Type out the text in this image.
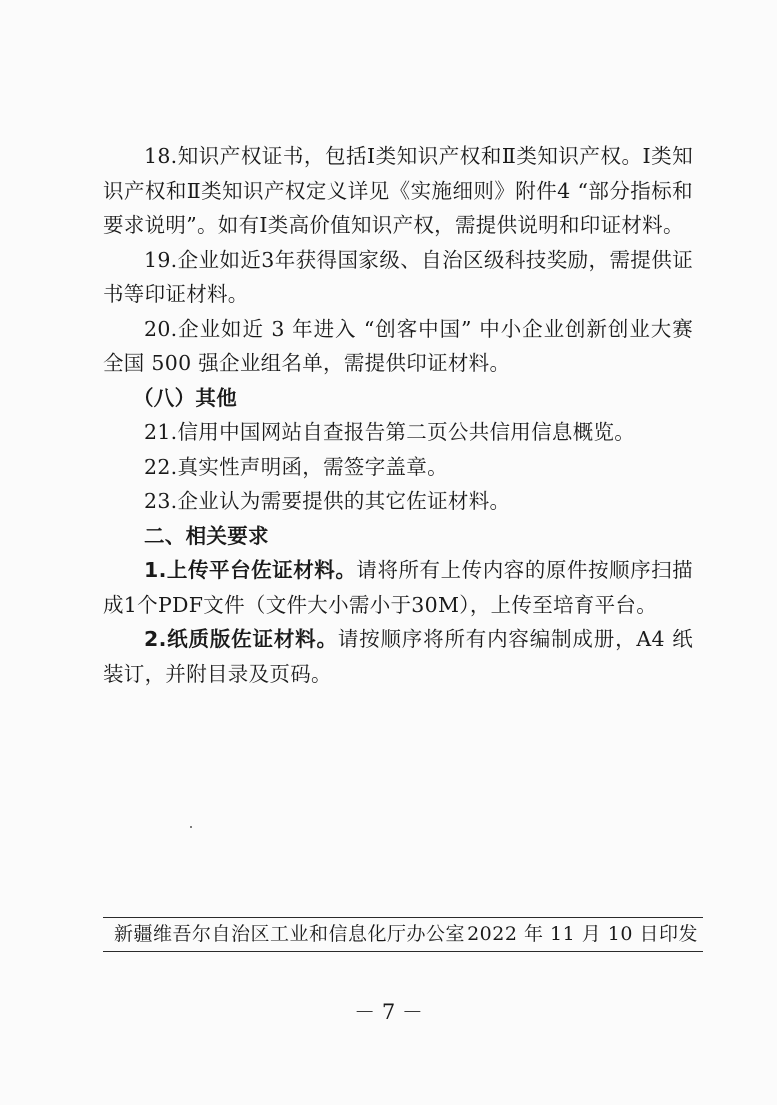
18.知识产权证书，包括Ⅰ类知识产权和Ⅱ类知识产权。Ⅰ类知识产权和Ⅱ类知识产权定义详见《实施细则》附件4 “部分指标和要求说明”。如有Ⅰ类高价值知识产权，需提供说明和印证材料。

19.企业如近3年获得国家级、自治区级科技奖励，需提供证书等印证材料。

20.企业如近 3 年进入 “创客中国” 中小企业创新创业大赛全国 500 强企业组名单，需提供印证材料。

（八）其他

21.信用中国网站自查报告第二页公共信用信息概览。

22.真实性声明函，需签字盖章。

23.企业认为需要提供的其它佐证材料。

二、相关要求

1.上传平台佐证材料。请将所有上传内容的原件按顺序扫描成1个PDF文件（文件大小需小于30M），上传至培育平台。

2.纸质版佐证材料。请按顺序将所有内容编制成册，A4 纸装订，并附目录及页码。

新疆维吾尔自治区工业和信息化厅办公室 2022 年 11 月 10 日印发
－ 7 －
